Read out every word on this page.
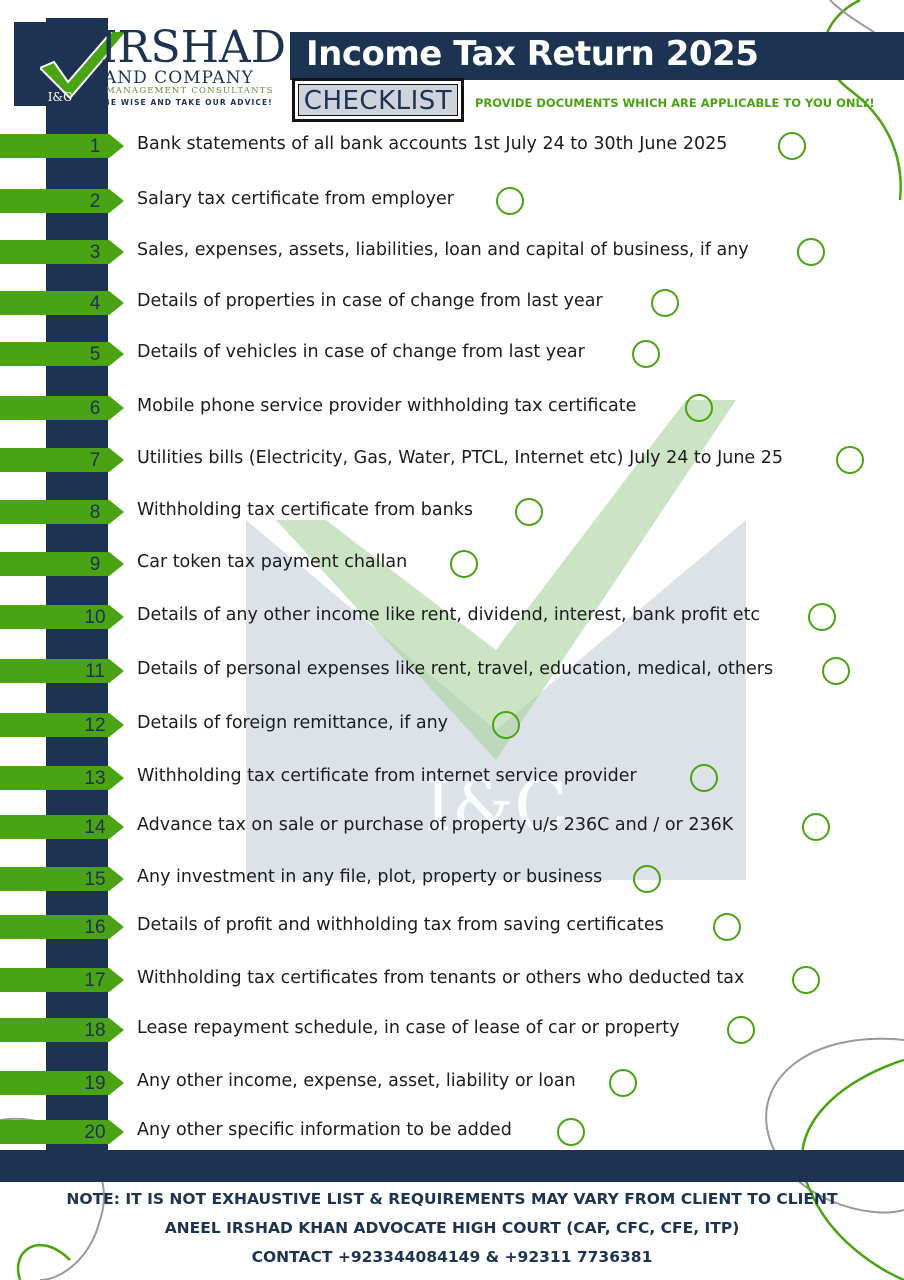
I&C
I&C
IRSHAD
AND COMPANY
MANAGEMENT CONSULTANTS
BE WISE AND TAKE OUR ADVICE!
Income Tax Return 2025
CHECKLIST	PROVIDE DOCUMENTS WHICH ARE APPLICABLE TO YOU ONLY!
1	Bank statements of all bank accounts 1st July 24 to 30th June 2025
2	Salary tax certificate from employer
3	Sales, expenses, assets, liabilities, loan and capital of business, if any
4	Details of properties in case of change from last year
5	Details of vehicles in case of change from last year
6	Mobile phone service provider withholding tax certificate
7	Utilities bills (Electricity, Gas, Water, PTCL, Internet etc) July 24 to June 25
8	Withholding tax certificate from banks
9	Car token tax payment challan
10	Details of any other income like rent, dividend, interest, bank profit etc
11	Details of personal expenses like rent, travel, education, medical, others
12	Details of foreign remittance, if any
13	Withholding tax certificate from internet service provider
14	Advance tax on sale or purchase of property u/s 236C and / or 236K
15	Any investment in any file, plot, property or business
16	Details of profit and withholding tax from saving certificates
17	Withholding tax certificates from tenants or others who deducted tax
18	Lease repayment schedule, in case of lease of car or property
19	Any other income, expense, asset, liability or loan
20	Any other specific information to be added
NOTE: IT IS NOT EXHAUSTIVE LIST & REQUIREMENTS MAY VARY FROM CLIENT TO CLIENT
ANEEL IRSHAD KHAN ADVOCATE HIGH COURT (CAF, CFC, CFE, ITP)
CONTACT +923344084149 & +92311 7736381
